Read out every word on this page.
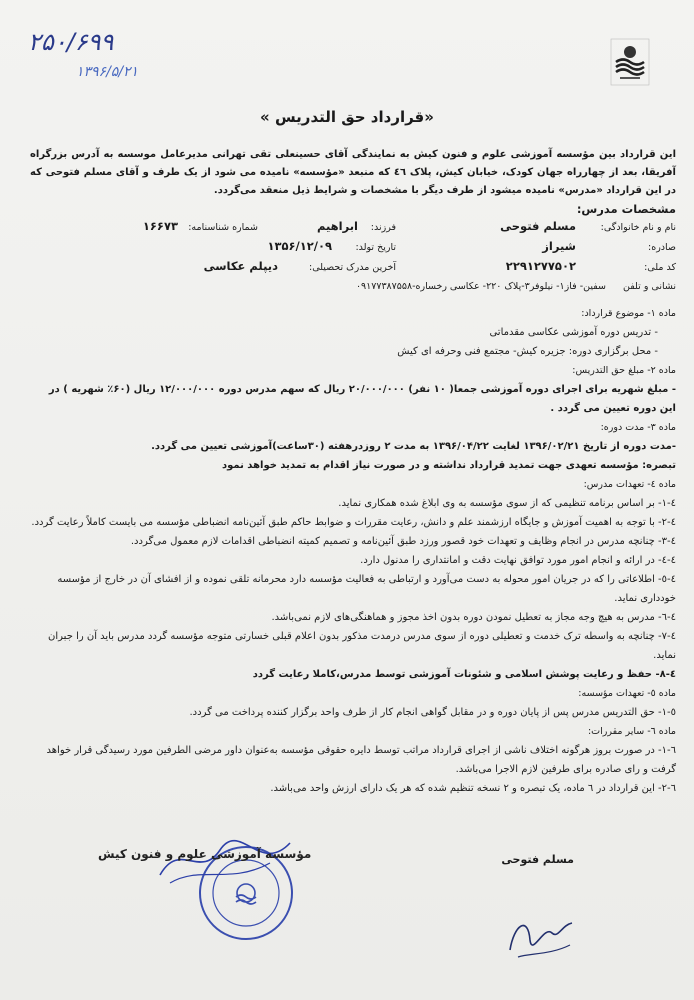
۲۵۰/۶۹۹
۱۳۹۶/۵/۲۱
« قرارداد حق التدریس»

این قرارداد بین مؤسسه آموزشی علوم و فنون کیش به نمایندگی آقای حسینعلی تقی تهرانی مدیرعامل موسسه به آدرس بزرگراه آفریقا، بعد از چهارراه جهان کودک، خیابان کیش، پلاک ٤٦ که منبعد «مؤسسه» نامیده می شود از یک طرف و آقای مسلم فتوحی که در این قرارداد «مدرس» نامیده میشود از طرف دیگر با مشخصات و شرایط ذیل منعقد می‌گردد.

مشخصات مدرس:

نام و نام خانوادگی:
مسلم فتوحی
فرزند:
ابراهیم
شماره شناسنامه:
۱۶۶۷۳
صادره:
شیراز
تاریخ تولد:
۱۳۵۶/۱۲/۰۹
کد ملی:
۲۲۹۱۲۷۷۵۰۲
آخرین مدرک تحصیلی:
دیپلم عکاسی
نشانی و تلفن
سفین- فاز۱- نیلوفر۳-پلاک ۲۲۰- عکاسی رخساره-۰۹۱۷۷۳۸۷۵۵۸

ماده ۱- موضوع قرارداد:

- تدریس دوره آموزشی عکاسی مقدماتی

- محل برگزاری دوره: جزیره کیش- مجتمع فنی وحرفه ای کیش

ماده ۲- مبلغ حق التدریس:

- مبلغ شهریه برای اجرای دوره آموزشی جمعا( ۱۰ نفر) ۲۰/۰۰۰/۰۰۰ ریال که سهم مدرس دوره ۱۲/۰۰۰/۰۰۰ ریال (۶۰٪ شهریه ) در این دوره تعیین می گردد .

ماده ۳- مدت دوره:

-مدت دوره از تاریخ ۱۳۹۶/۰۲/۲۱ لغایت ۱۳۹۶/۰۴/۲۲ به مدت ۲ روزدرهفته (۳۰ساعت)آموزشی تعیین می گردد.

تبصره: مؤسسه تعهدی جهت تمدید قرارداد نداشته و در صورت نیاز اقدام به تمدید خواهد نمود

ماده ٤- تعهدات مدرس:

٤-۱- بر اساس برنامه تنظیمی که از سوی مؤسسه به وی ابلاغ شده همکاری نماید.

٤-۲- با توجه به اهمیت آموزش و جایگاه ارزشمند علم و دانش، رعایت مقررات و ضوابط حاکم طبق آئین‌نامه انضباطی مؤسسه می بایست کاملاً رعایت گردد.

٤-۳- چنانچه مدرس در انجام وظایف و تعهدات خود قصور ورزد طبق آئین‌نامه و تصمیم کمیته انضباطی اقدامات لازم معمول می‌گردد.

٤-٤- در ارائه و انجام امور مورد توافق نهایت دقت و امانتداری را مدنول دارد.

٤-٥- اطلاعاتی را که در جریان امور محوله به دست می‌آورد و ارتباطی به فعالیت مؤسسه دارد محرمانه تلقی نموده و از افشای آن در خارج از مؤسسه خودداری نماید.

٤-٦- مدرس به هیچ وجه مجاز به تعطیل نمودن دوره بدون اخذ مجوز و هماهنگی‌های لازم نمی‌باشد.

٤-۷- چنانچه به واسطه ترک خدمت و تعطیلی دوره از سوی مدرس درمدت مذکور بدون اعلام قبلی خسارتی متوجه مؤسسه گردد مدرس باید آن را جبران نماید.

٤-۸- حفظ و رعایت پوشش اسلامی و شئونات آموزشی توسط مدرس،کاملا رعایت گردد

ماده ٥- تعهدات مؤسسه:

٥-۱- حق التدریس مدرس پس از پایان دوره و در مقابل گواهی انجام کار از طرف واحد برگزار کننده پرداخت می گردد.

ماده ٦- سایر مقررات:

٦-۱- در صورت بروز هرگونه اختلاف ناشی از اجرای قرارداد مراتب توسط دایره حقوقی مؤسسه به‌عنوان داور مرضی الطرفین مورد رسیدگی قرار خواهد گرفت و رای صادره برای طرفین لازم الاجرا می‌باشد.

٦-۲- این قرارداد در ٦ ماده، یک تبصره و ۲ نسخه تنظیم شده که هر یک دارای ارزش واحد می‌باشد.

مؤسسه آموزشی علوم و فنون کیش	مسلم فتوحی
